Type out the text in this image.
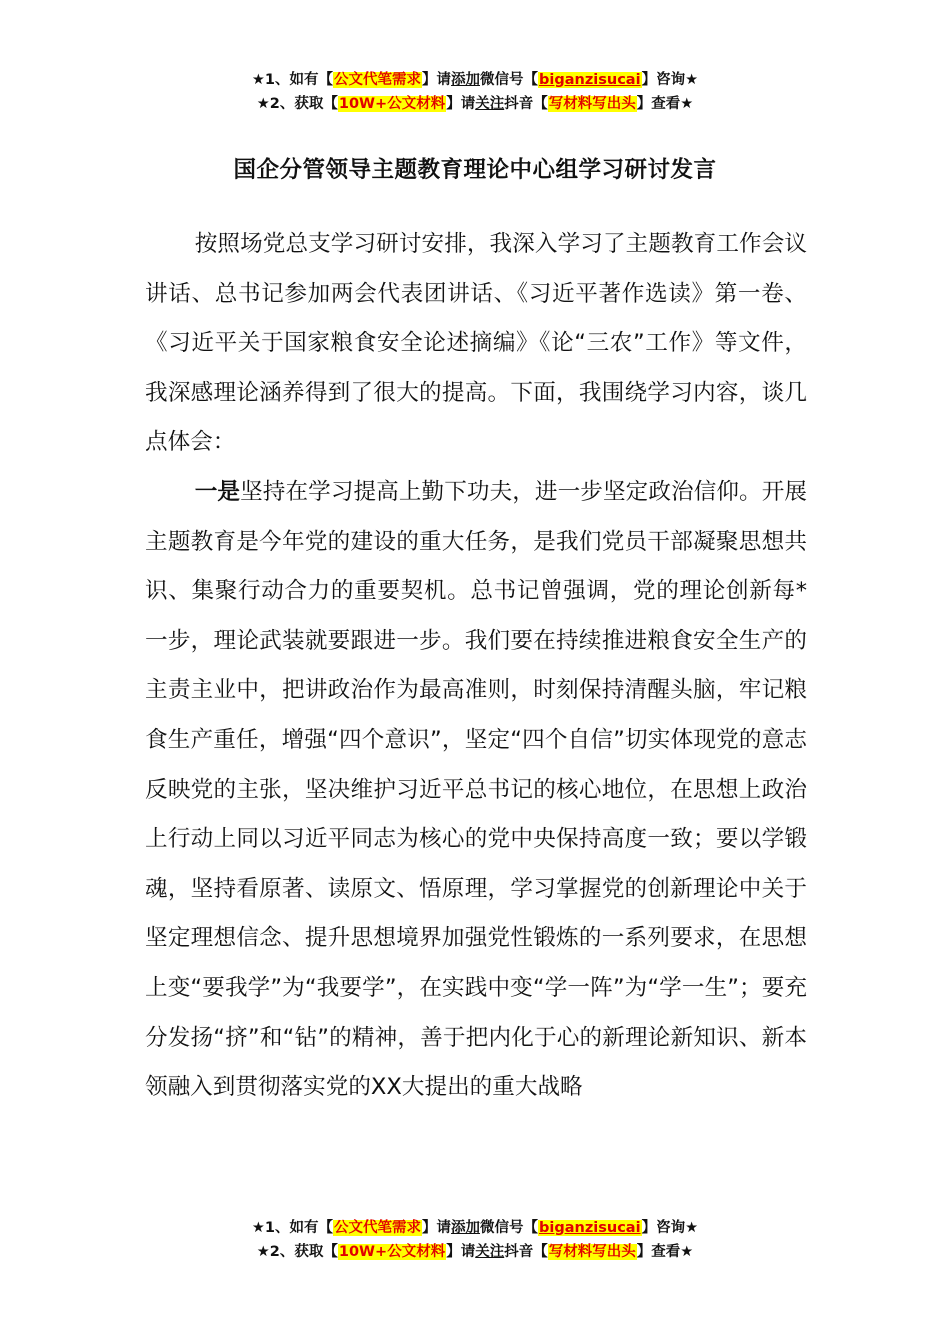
★1、如有【公文代笔需求】请添加微信号【biganzisucai】咨询★
★2、获取【10W+公文材料】请关注抖音【写材料写出头】查看★
国企分管领导主题教育理论中心组学习研讨发言

按照场党总支学习研讨安排，我深入学习了主题教育工作会议讲话、总书记参加两会代表团讲话、《习近平著作选读》第一卷、《习近平关于国家粮食安全论述摘编》《论“三农”工作》等文件，我深感理论涵养得到了很大的提高。下面，我围绕学习内容，谈几点体会：

一是坚持在学习提高上勤下功夫，进一步坚定政治信仰。开展主题教育是今年党的建设的重大任务，是我们党员干部凝聚思想共识、集聚行动合力的重要契机。总书记曾强调，党的理论创新每*一步，理论武装就要跟进一步。我们要在持续推进粮食安全生产的主责主业中，把讲政治作为最高准则，时刻保持清醒头脑，牢记粮食生产重任，增强“四个意识”，坚定“四个自信”切实体现党的意志反映党的主张，坚决维护习近平总书记的核心地位，在思想上政治上行动上同以习近平同志为核心的党中央保持高度一致；要以学锻魂，坚持看原著、读原文、悟原理，学习掌握党的创新理论中关于坚定理想信念、提升思想境界加强党性锻炼的一系列要求，在思想上变“要我学”为“我要学”，在实践中变“学一阵”为“学一生”；要充分发扬“挤”和“钻”的精神，善于把内化于心的新理论新知识、新本领融入到贯彻落实党的XX大提出的重大战略

★1、如有【公文代笔需求】请添加微信号【biganzisucai】咨询★
★2、获取【10W+公文材料】请关注抖音【写材料写出头】查看★
